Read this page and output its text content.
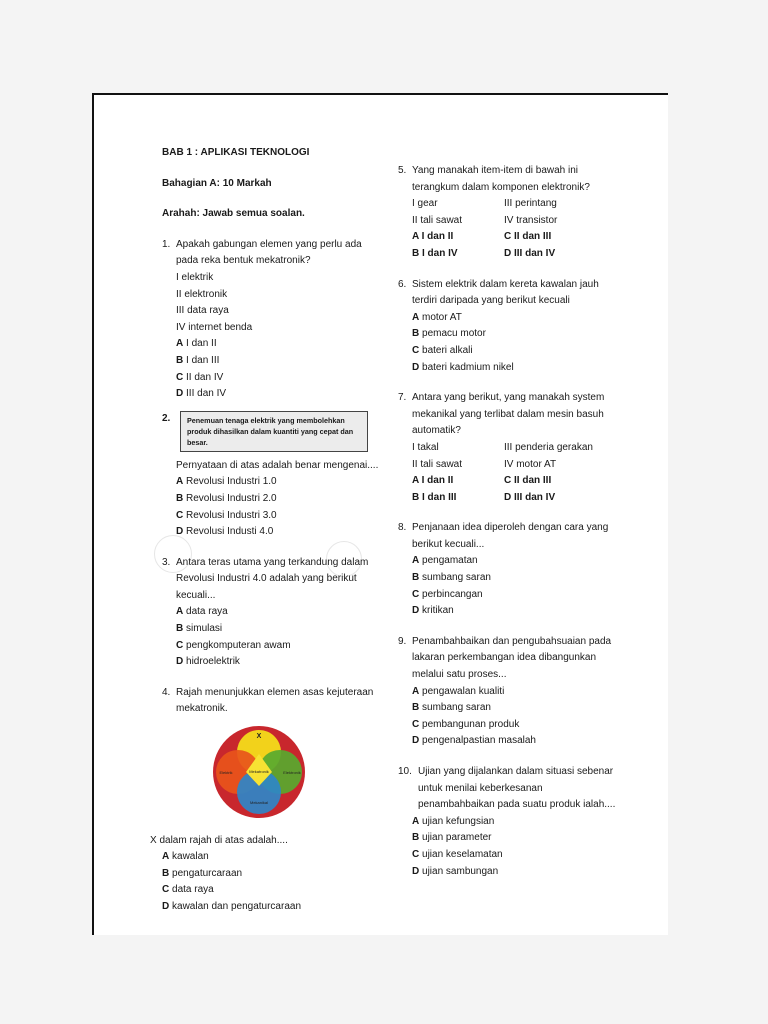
BAB 1 : APLIKASI TEKNOLOGI
Bahagian A: 10 Markah
Arahah: Jawab semua soalan.
1. Apakah gabungan elemen yang perlu ada pada reka bentuk mekatronik?
I elektrik
II elektronik
III data raya
IV internet benda
A I dan II
B I dan III
C II dan IV
D III dan IV
2.	Penemuan tenaga elektrik yang membolehkan produk dihasilkan dalam kuantiti yang cepat dan besar.
Pernyataan di atas adalah benar mengenai....
A Revolusi Industri 1.0
B Revolusi Industri 2.0
C Revolusi Industri 3.0
D Revolusi Industi 4.0
3. Antara teras utama yang terkandung dalam Revolusi Industri 4.0 adalah yang berikut kecuali...
A data raya
B simulasi
C pengkomputeran awam
D hidroelektrik
4. Rajah menunjukkan elemen asas kejuteraan mekatronik.
X
Mekatronik
Elektrik	Elektronik
Mekanikal
X dalam rajah di atas adalah....
A kawalan
B pengaturcaraan
C data raya
D kawalan dan pengaturcaraan
5. Yang manakah item-item di bawah ini terangkum dalam komponen elektronik?
I gear	III perintang
II tali sawat	IV transistor
A I dan II	C II dan III
B I dan IV	D III dan IV
6. Sistem elektrik dalam kereta kawalan jauh terdiri daripada yang berikut kecuali
A motor AT
B pemacu motor
C bateri alkali
D bateri kadmium nikel
7. Antara yang berikut, yang manakah system mekanikal yang terlibat dalam mesin basuh automatik?
I takal	III penderia gerakan
II tali sawat	IV motor AT
A I dan II	C II dan III
B I dan III	D III dan IV
8. Penjanaan idea diperoleh dengan cara yang berikut kecuali...
A pengamatan
B sumbang saran
C perbincangan
D kritikan
9. Penambahbaikan dan pengubahsuaian pada lakaran perkembangan idea dibangunkan melalui satu proses...
A pengawalan kualiti
B sumbang saran
C pembangunan produk
D pengenalpastian masalah
10. Ujian yang dijalankan dalam situasi sebenar untuk menilai keberkesanan penambahbaikan pada suatu produk ialah....
A ujian kefungsian
B ujian parameter
C ujian keselamatan
D ujian sambungan
